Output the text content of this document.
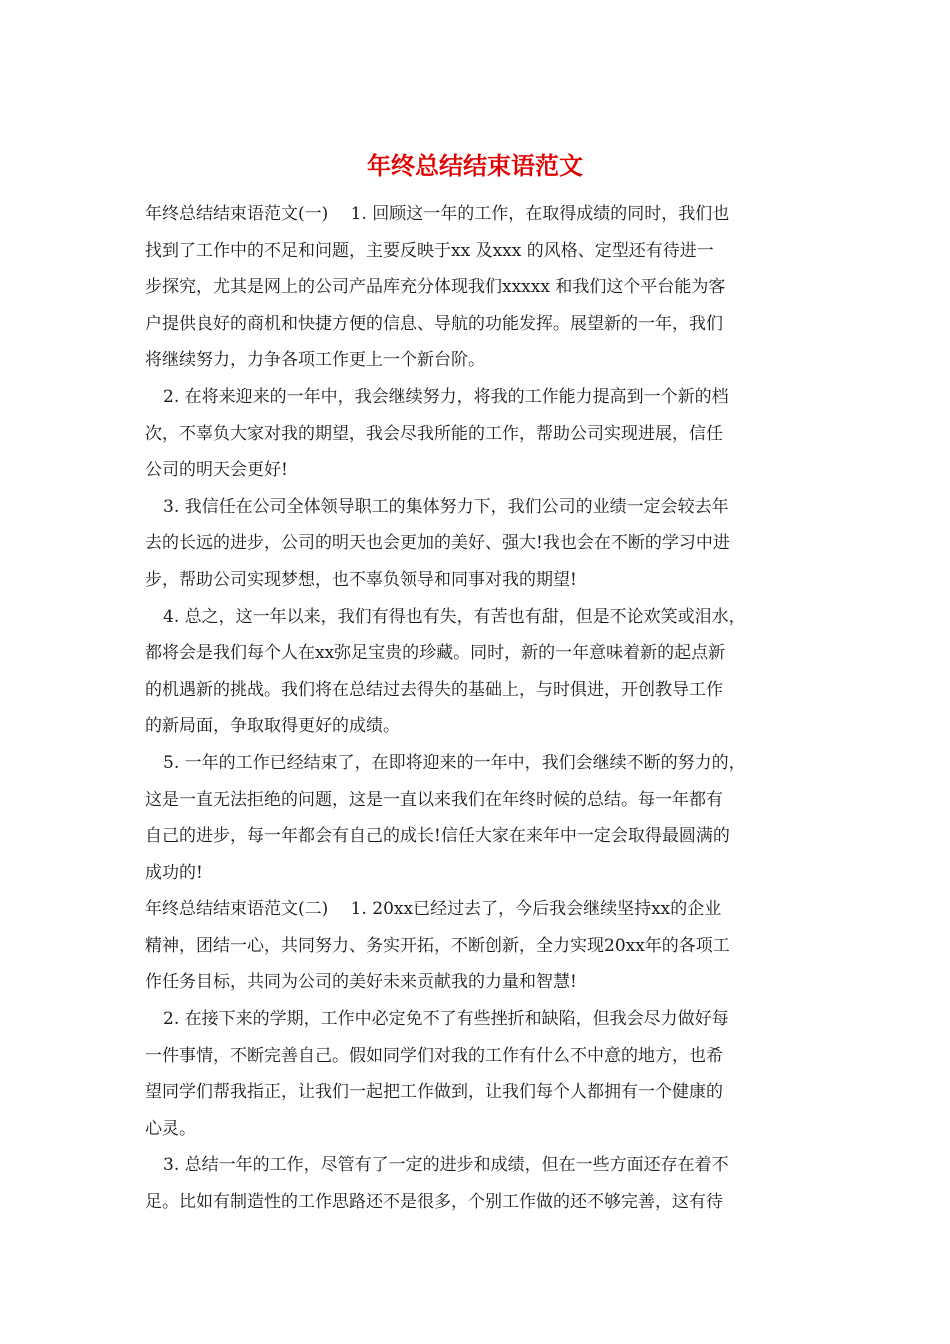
年终总结结束语范文
年终总结结束语范文(一)　 1. 回顾这一年的工作，在取得成绩的同时，我们也
找到了工作中的不足和问题，主要反映于xx 及xxx 的风格、定型还有待进一
步探究，尤其是网上的公司产品库充分体现我们xxxxx 和我们这个平台能为客
户提供良好的商机和快捷方便的信息、导航的功能发挥。展望新的一年，我们
将继续努力，力争各项工作更上一个新台阶。
2. 在将来迎来的一年中，我会继续努力，将我的工作能力提高到一个新的档
次，不辜负大家对我的期望，我会尽我所能的工作，帮助公司实现进展，信任
公司的明天会更好!
3. 我信任在公司全体领导职工的集体努力下，我们公司的业绩一定会较去年
去的长远的进步，公司的明天也会更加的美好、强大!我也会在不断的学习中进
步，帮助公司实现梦想，也不辜负领导和同事对我的期望!
4. 总之，这一年以来，我们有得也有失，有苦也有甜，但是不论欢笑或泪水，
都将会是我们每个人在xx弥足宝贵的珍藏。同时，新的一年意味着新的起点新
的机遇新的挑战。我们将在总结过去得失的基础上，与时俱进，开创教导工作
的新局面，争取取得更好的成绩。
5. 一年的工作已经结束了，在即将迎来的一年中，我们会继续不断的努力的，
这是一直无法拒绝的问题，这是一直以来我们在年终时候的总结。每一年都有
自己的进步，每一年都会有自己的成长!信任大家在来年中一定会取得最圆满的
成功的!
年终总结结束语范文(二)　 1. 20xx已经过去了，今后我会继续坚持xx的企业
精神，团结一心，共同努力、务实开拓，不断创新，全力实现20xx年的各项工
作任务目标，共同为公司的美好未来贡献我的力量和智慧!
2. 在接下来的学期，工作中必定免不了有些挫折和缺陷，但我会尽力做好每
一件事情，不断完善自己。假如同学们对我的工作有什么不中意的地方，也希
望同学们帮我指正，让我们一起把工作做到，让我们每个人都拥有一个健康的
心灵。
3. 总结一年的工作，尽管有了一定的进步和成绩，但在一些方面还存在着不
足。比如有制造性的工作思路还不是很多，个别工作做的还不够完善，这有待
